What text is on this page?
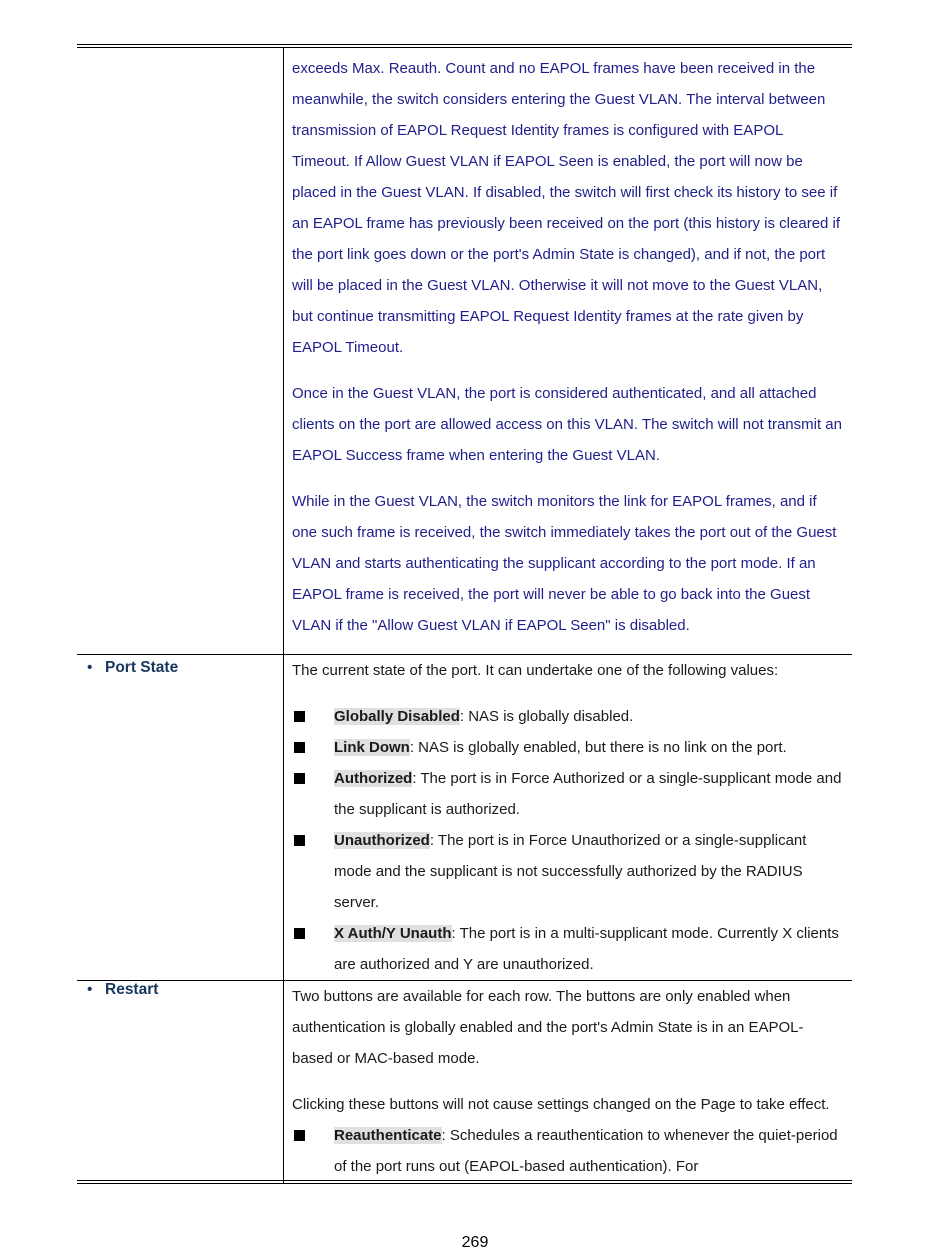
exceeds Max. Reauth. Count and no EAPOL frames have been received in the meanwhile, the switch considers entering the Guest VLAN. The interval between transmission of EAPOL Request Identity frames is configured with EAPOL Timeout. If Allow Guest VLAN if EAPOL Seen is enabled, the port will now be placed in the Guest VLAN. If disabled, the switch will first check its history to see if an EAPOL frame has previously been received on the port (this history is cleared if the port link goes down or the port's Admin State is changed), and if not, the port will be placed in the Guest VLAN. Otherwise it will not move to the Guest VLAN, but continue transmitting EAPOL Request Identity frames at the rate given by EAPOL Timeout.

Once in the Guest VLAN, the port is considered authenticated, and all attached clients on the port are allowed access on this VLAN. The switch will not transmit an EAPOL Success frame when entering the Guest VLAN.

While in the Guest VLAN, the switch monitors the link for EAPOL frames, and if one such frame is received, the switch immediately takes the port out of the Guest VLAN and starts authenticating the supplicant according to the port mode. If an EAPOL frame is received, the port will never be able to go back into the Guest VLAN if the "Allow Guest VLAN if EAPOL Seen" is disabled.

• Port State	The current state of the port. It can undertake one of the following values:

Globally Disabled: NAS is globally disabled.

Link Down: NAS is globally enabled, but there is no link on the port.

Authorized: The port is in Force Authorized or a single-supplicant mode and the supplicant is authorized.

Unauthorized: The port is in Force Unauthorized or a single-supplicant mode and the supplicant is not successfully authorized by the RADIUS server.

X Auth/Y Unauth: The port is in a multi-supplicant mode. Currently X clients are authorized and Y are unauthorized.

• Restart	Two buttons are available for each row. The buttons are only enabled when authentication is globally enabled and the port's Admin State is in an EAPOL-based or MAC-based mode.

Clicking these buttons will not cause settings changed on the Page to take effect.

Reauthenticate: Schedules a reauthentication to whenever the quiet-period of the port runs out (EAPOL-based authentication). For

269
